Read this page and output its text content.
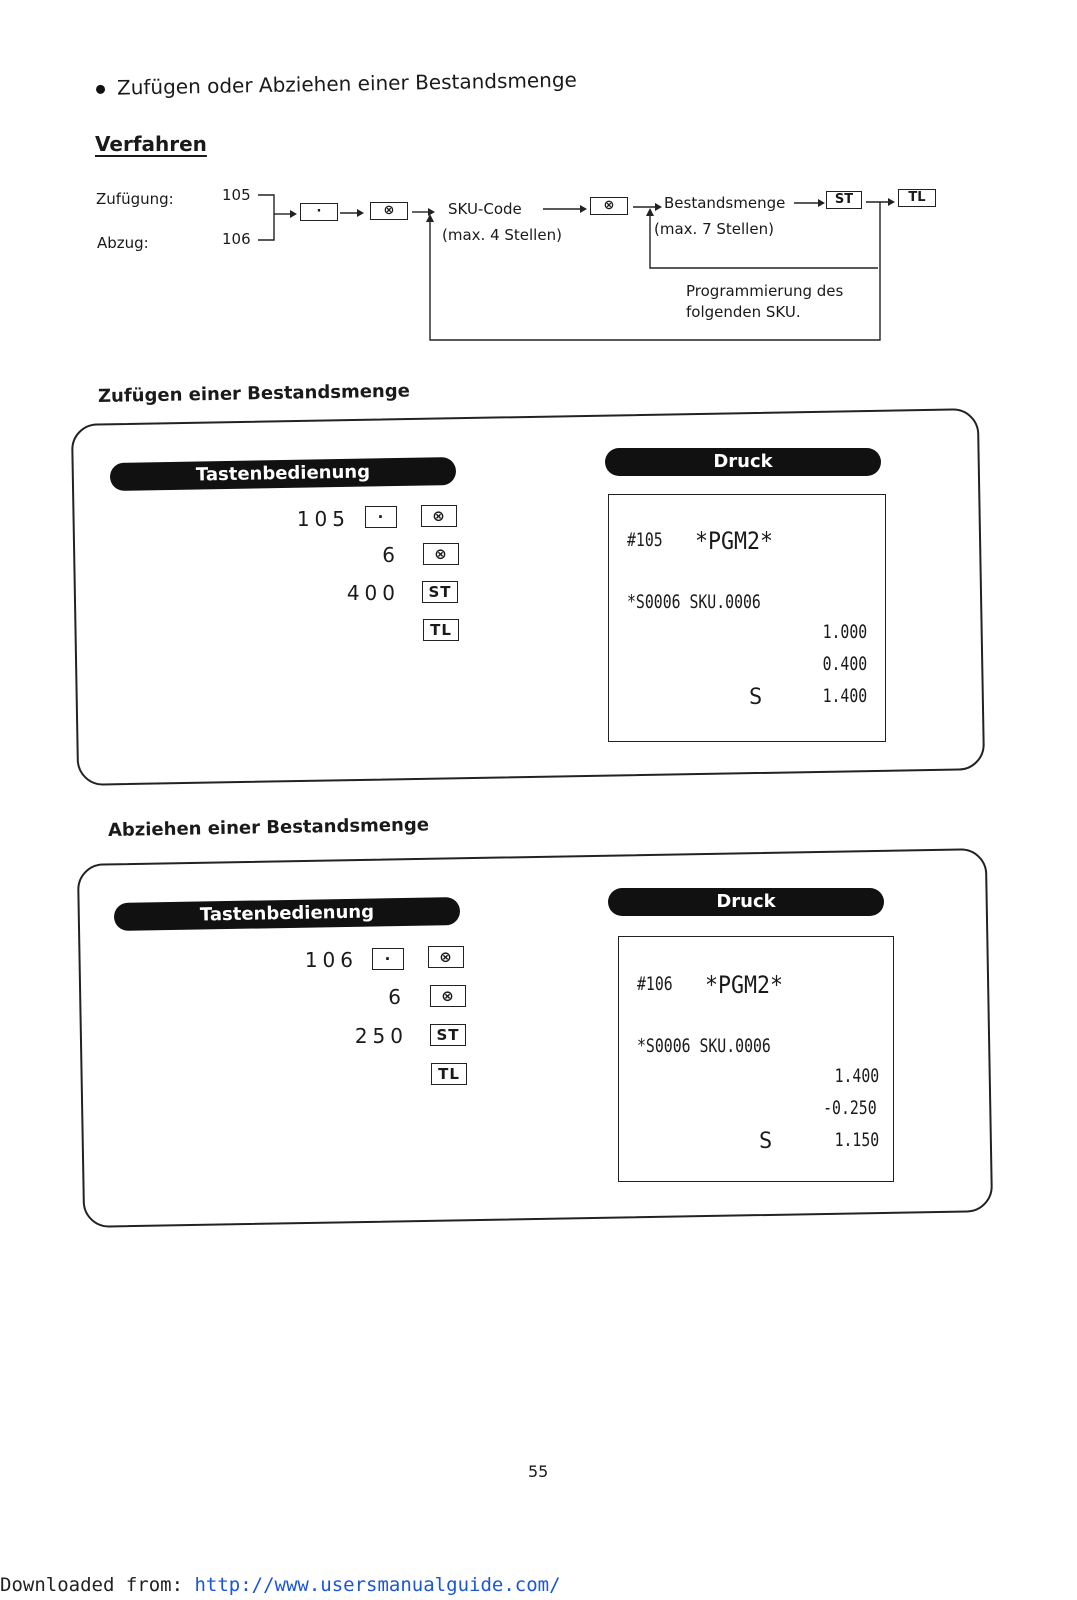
Zufügen oder Abziehen einer Bestandsmenge
Verfahren
Zufügung:	105
Abzug:	106
·	⊗	SKU-Code
(max. 4 Stellen)
⊗	Bestandsmenge
(max. 7 Stellen)
ST	TL
Programmierung des
folgenden SKU.
Zufügen einer Bestandsmenge
Tastenbedienung	Druck
105	·	⊗
6	⊗
400	ST
TL
#105 *PGM2*
*S0006 SKU.0006
1.000
0.400
S	1.400
Abziehen einer Bestandsmenge
Tastenbedienung	Druck
106	·	⊗
6	⊗
250	ST
TL
#106 *PGM2*
*S0006 SKU.0006
1.400
-0.250
S	1.150
55
Downloaded from: http://www.usersmanualguide.com/
